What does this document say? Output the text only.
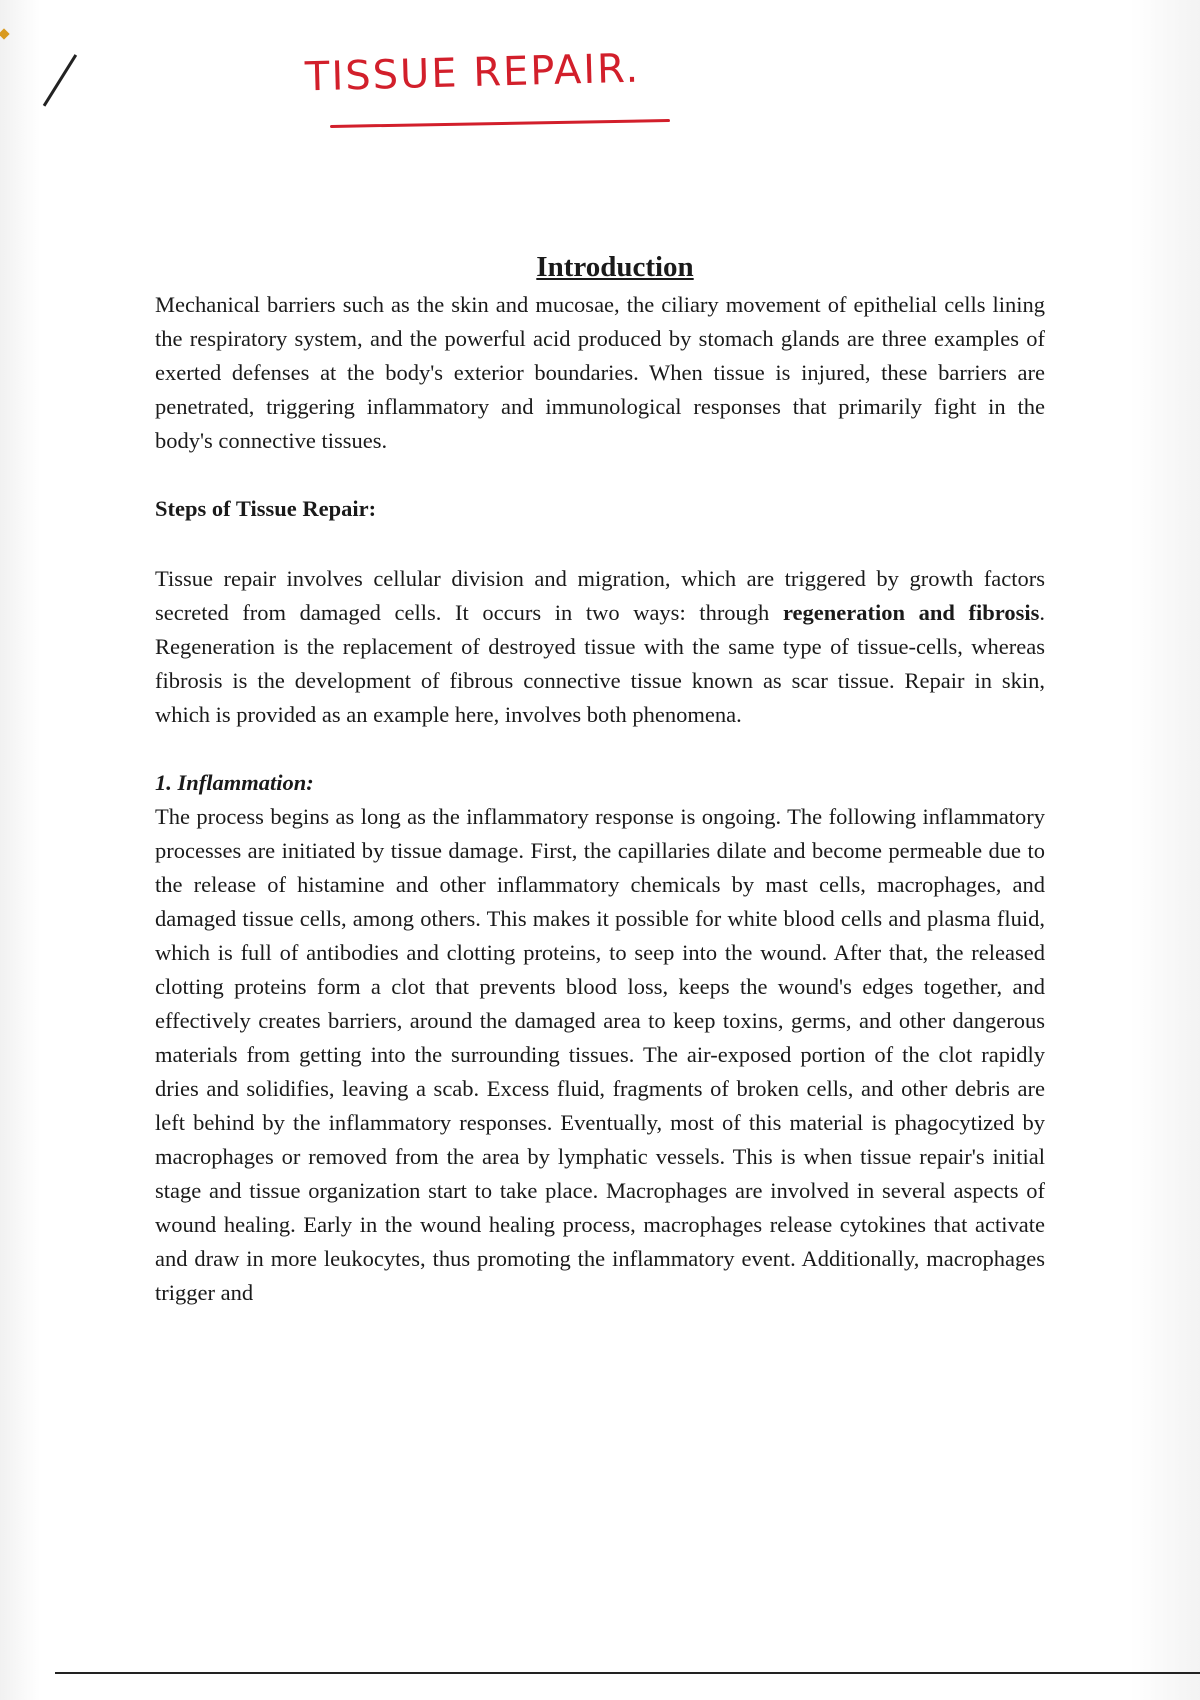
TISSUE REPAIR.
Introduction

Mechanical barriers such as the skin and mucosae, the ciliary movement of epithelial cells lining the respiratory system, and the powerful acid produced by stomach glands are three examples of exerted defenses at the body's exterior boundaries. When tissue is injured, these barriers are penetrated, triggering inflammatory and immunological responses that primarily fight in the body's connective tissues.

Steps of Tissue Repair:

Tissue repair involves cellular division and migration, which are triggered by growth factors secreted from damaged cells. It occurs in two ways: through regeneration and fibrosis. Regeneration is the replacement of destroyed tissue with the same type of tissue-cells, whereas fibrosis is the development of fibrous connective tissue known as scar tissue. Repair in skin, which is provided as an example here, involves both phenomena.

1. Inflammation:

The process begins as long as the inflammatory response is ongoing. The following inflammatory processes are initiated by tissue damage. First, the capillaries dilate and become permeable due to the release of histamine and other inflammatory chemicals by mast cells, macrophages, and damaged tissue cells, among others. This makes it possible for white blood cells and plasma fluid, which is full of antibodies and clotting proteins, to seep into the wound. After that, the released clotting proteins form a clot that prevents blood loss, keeps the wound's edges together, and effectively creates barriers, around the damaged area to keep toxins, germs, and other dangerous materials from getting into the surrounding tissues. The air-exposed portion of the clot rapidly dries and solidifies, leaving a scab. Excess fluid, fragments of broken cells, and other debris are left behind by the inflammatory responses. Eventually, most of this material is phagocytized by macrophages or removed from the area by lymphatic vessels. This is when tissue repair's initial stage and tissue organization start to take place. Macrophages are involved in several aspects of wound healing. Early in the wound healing process, macrophages release cytokines that activate and draw in more leukocytes, thus promoting the inflammatory event. Additionally, macrophages trigger and
